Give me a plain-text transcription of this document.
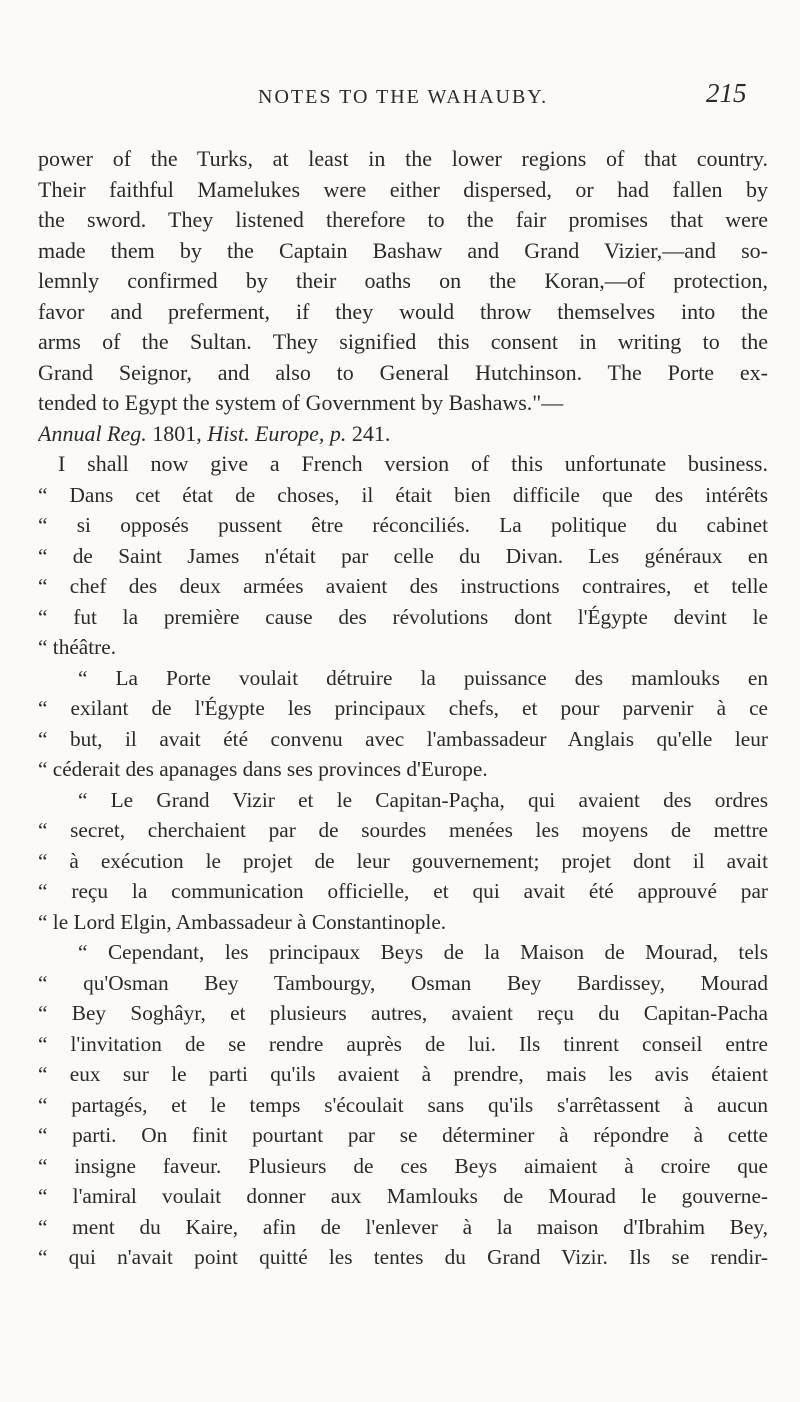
NOTES TO THE WAHAUBY.	215
power of the Turks, at least in the lower regions of that country.
Their faithful Mamelukes were either dispersed, or had fallen by
the sword. They listened therefore to the fair promises that were
made them by the Captain Bashaw and Grand Vizier,—and so-
lemnly confirmed by their oaths on the Koran,—of protection,
favor and preferment, if they would throw themselves into the
arms of the Sultan. They signified this consent in writing to the
Grand Seignor, and also to General Hutchinson. The Porte ex-
tended to Egypt the system of Government by Bashaws."—
Annual Reg. 1801, Hist. Europe, p. 241.
I shall now give a French version of this unfortunate business.
“ Dans cet état de choses, il était bien difficile que des intérêts
“ si opposés pussent être réconciliés. La politique du cabinet
“ de Saint James n'était par celle du Divan. Les généraux en
“ chef des deux armées avaient des instructions contraires, et telle
“ fut la première cause des révolutions dont l'Égypte devint le
“ théâtre.
“ La Porte voulait détruire la puissance des mamlouks en
“ exilant de l'Égypte les principaux chefs, et pour parvenir à ce
“ but, il avait été convenu avec l'ambassadeur Anglais qu'elle leur
“ céderait des apanages dans ses provinces d'Europe.
“ Le Grand Vizir et le Capitan-Paçha, qui avaient des ordres
“ secret, cherchaient par de sourdes menées les moyens de mettre
“ à exécution le projet de leur gouvernement; projet dont il avait
“ reçu la communication officielle, et qui avait été approuvé par
“ le Lord Elgin, Ambassadeur à Constantinople.
“ Cependant, les principaux Beys de la Maison de Mourad, tels
“ qu'Osman Bey Tambourgy, Osman Bey Bardissey, Mourad
“ Bey Soghâyr, et plusieurs autres, avaient reçu du Capitan-Pacha
“ l'invitation de se rendre auprès de lui. Ils tinrent conseil entre
“ eux sur le parti qu'ils avaient à prendre, mais les avis étaient
“ partagés, et le temps s'écoulait sans qu'ils s'arrêtassent à aucun
“ parti. On finit pourtant par se déterminer à répondre à cette
“ insigne faveur. Plusieurs de ces Beys aimaient à croire que
“ l'amiral voulait donner aux Mamlouks de Mourad le gouverne-
“ ment du Kaire, afin de l'enlever à la maison d'Ibrahim Bey,
“ qui n'avait point quitté les tentes du Grand Vizir. Ils se rendir-
